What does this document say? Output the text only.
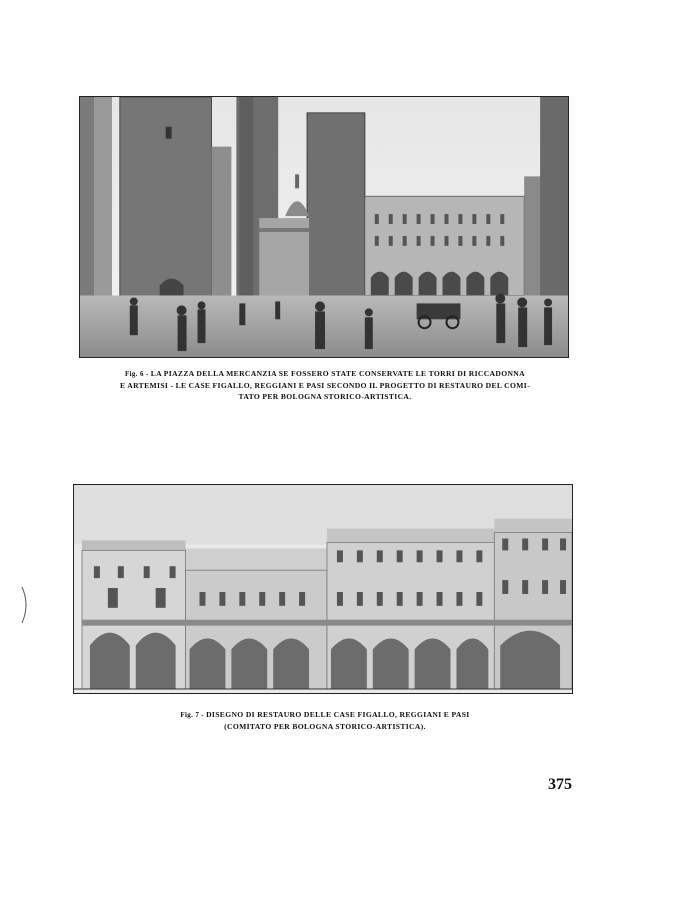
Fig. 6 - LA PIAZZA DELLA MERCANZIA SE FOSSERO STATE CONSERVATE LE TORRI DI RICCADONNA
E ARTEMISI - LE CASE FIGALLO, REGGIANI E PASI SECONDO IL PROGETTO DI RESTAURO DEL COMI-
TATO PER BOLOGNA STORICO-ARTISTICA.
Fig. 7 - DISEGNO DI RESTAURO DELLE CASE FIGALLO, REGGIANI E PASI
(COMITATO PER BOLOGNA STORICO-ARTISTICA).
375
